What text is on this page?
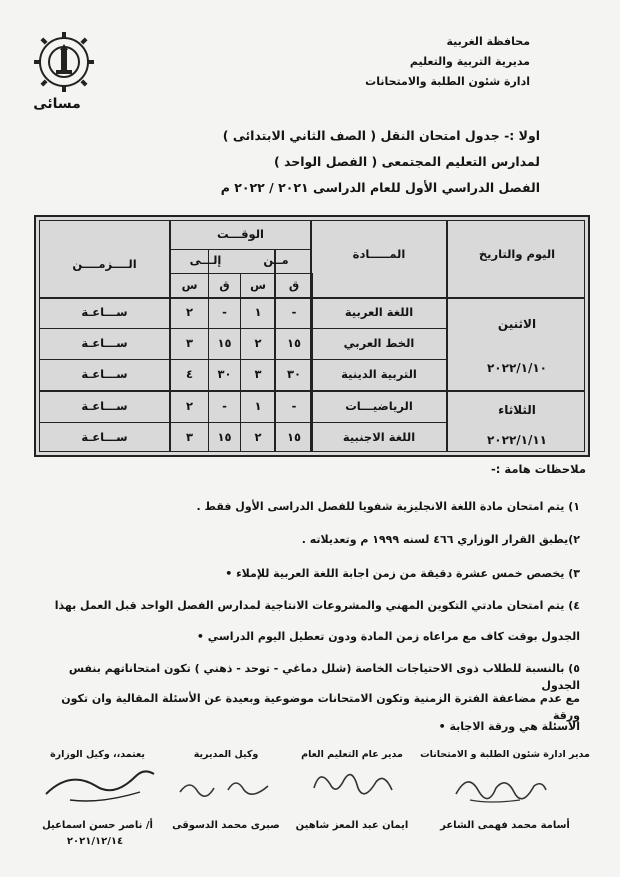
محافظة الغربية
مديرية التربية والتعليم
ادارة شئون الطلبة والامتحانات
مسائى
اولا :- جدول امتحان النقل ( الصف الثاني الابتدائى )
لمدارس التعليم المجتمعى ( الفصل الواحد )
الفصل الدراسي الأول للعام الدراسى ٢٠٢١ / ٢٠٢٢ م
اليوم والتاريخ
المـــــادة
الوقـــت
مــن
إلـــى
ق
س
ق
س
الــــزمــــن
الاثنين
٢٠٢٢/١/١٠
الثلاثاء
٢٠٢٢/١/١١
اللغة العربية
-
١
-
٢
ســـاعـة
الخط العربي
١٥
٢
١٥
٣
ســـاعـة
التربية الدينية
٣٠
٣
٣٠
٤
ســـاعـة
الرياضيـــات
-
١
-
٢
ســـاعـة
اللغة الاجنبية
١٥
٢
١٥
٣
ســـاعـة
ملاحظات هامة :-
١) يتم امتحان مادة اللغة الانجليزية شفويا للفصل الدراسى الأول فقط .
٢)يطبق القرار الوزاري ٤٦٦ لسنه ١٩٩٩ م وتعديلاته .
٣) يخصص خمس عشرة دقيقة من زمن اجابة اللغة العربية للإملاء •
٤) يتم امتحان مادتي التكوين المهني والمشروعات الانتاجية لمدارس الفصل الواحد قبل العمل بهذا
الجدول بوقت كاف مع مراعاه زمن المادة ودون تعطيل اليوم الدراسي •
٥) بالنسبة للطلاب ذوى الاحتياجات الخاصة (شلل دماغي - توحد - ذهني ) تكون امتحاناتهم بنفس الجدول
مع عدم مضاعفة الفترة الزمنية وتكون الامتحانات موضوعية وبعيدة عن الأسئلة المقالية وان تكون ورقة
الأسئلة هي ورقة الاجابة •
مدير ادارة شئون الطلبة و الامتحانات
مدير عام التعليم العام
وكيل المديرية
يعتمد،، وكيل الوزارة
أسامة محمد فهمى الشاعر
ايمان عبد المعز شاهين
صبرى محمد الدسوقى
أ/ ناصر حسن اسماعيل
٢٠٢١/١٢/١٤
